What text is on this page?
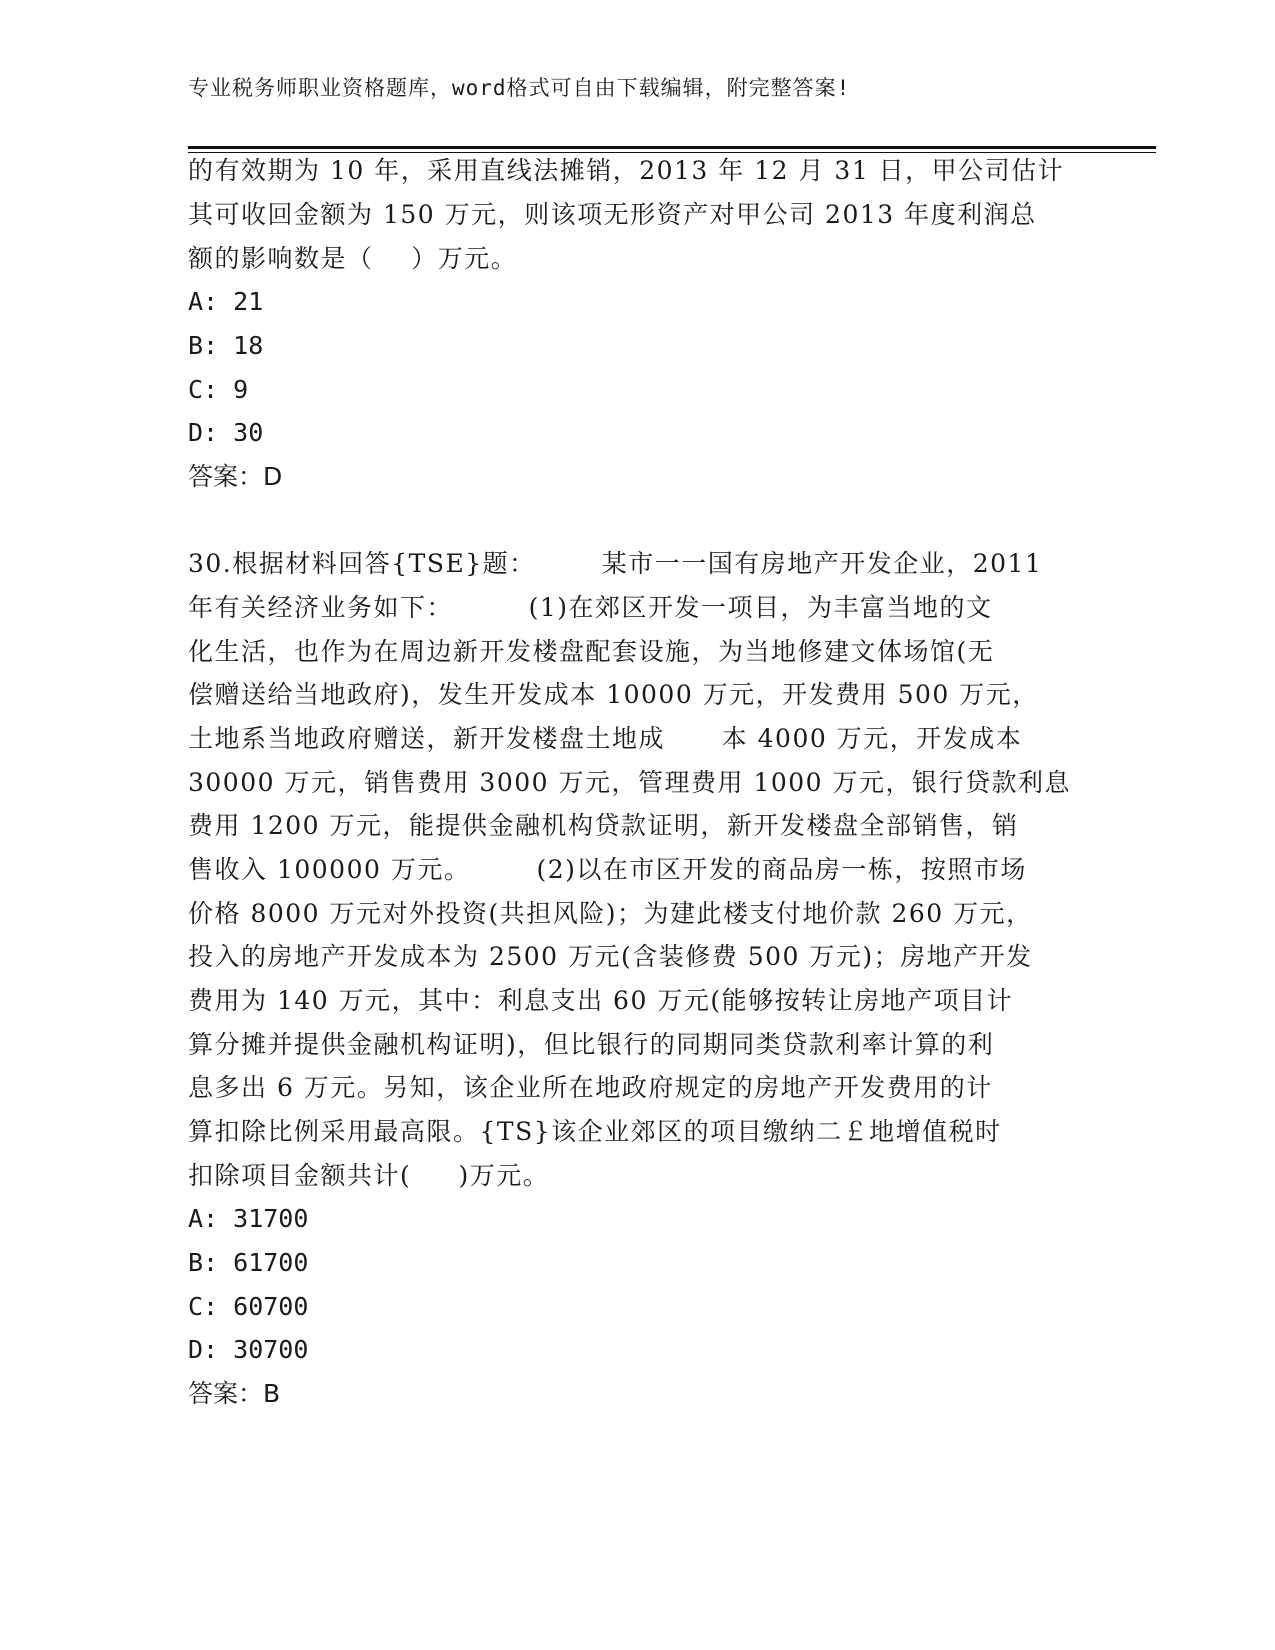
专业税务师职业资格题库，word格式可自由下载编辑，附完整答案!
的有效期为 10 年，采用直线法摊销，2013 年 12 月 31 日，甲公司估计
其可收回金额为 150 万元，则该项无形资产对甲公司 2013 年度利润总
额的影响数是（    ）万元。
A: 21
B: 18
C: 9
D: 30
答案：D
30.根据材料回答{TSE}题：       某市一一国有房地产开发企业，2011
年有关经济业务如下：        (1)在郊区开发一项目，为丰富当地的文
化生活，也作为在周边新开发楼盘配套设施，为当地修建文体场馆(无
偿赠送给当地政府)，发生开发成本 10000 万元，开发费用 500 万元，
土地系当地政府赠送，新开发楼盘土地成      本 4000 万元，开发成本
30000 万元，销售费用 3000 万元，管理费用 1000 万元，银行贷款利息
费用 1200 万元，能提供金融机构贷款证明，新开发楼盘全部销售，销
售收入 100000 万元。       (2)以在市区开发的商品房一栋，按照市场
价格 8000 万元对外投资(共担风险)；为建此楼支付地价款 260 万元，
投入的房地产开发成本为 2500 万元(含装修费 500 万元)；房地产开发
费用为 140 万元，其中：利息支出 60 万元(能够按转让房地产项目计
算分摊并提供金融机构证明)，但比银行的同期同类贷款利率计算的利
息多出 6 万元。另知，该企业所在地政府规定的房地产开发费用的计
算扣除比例采用最高限。{TS}该企业郊区的项目缴纳二￡地增值税时
扣除项目金额共计(     )万元。
A: 31700
B: 61700
C: 60700
D: 30700
答案：B
